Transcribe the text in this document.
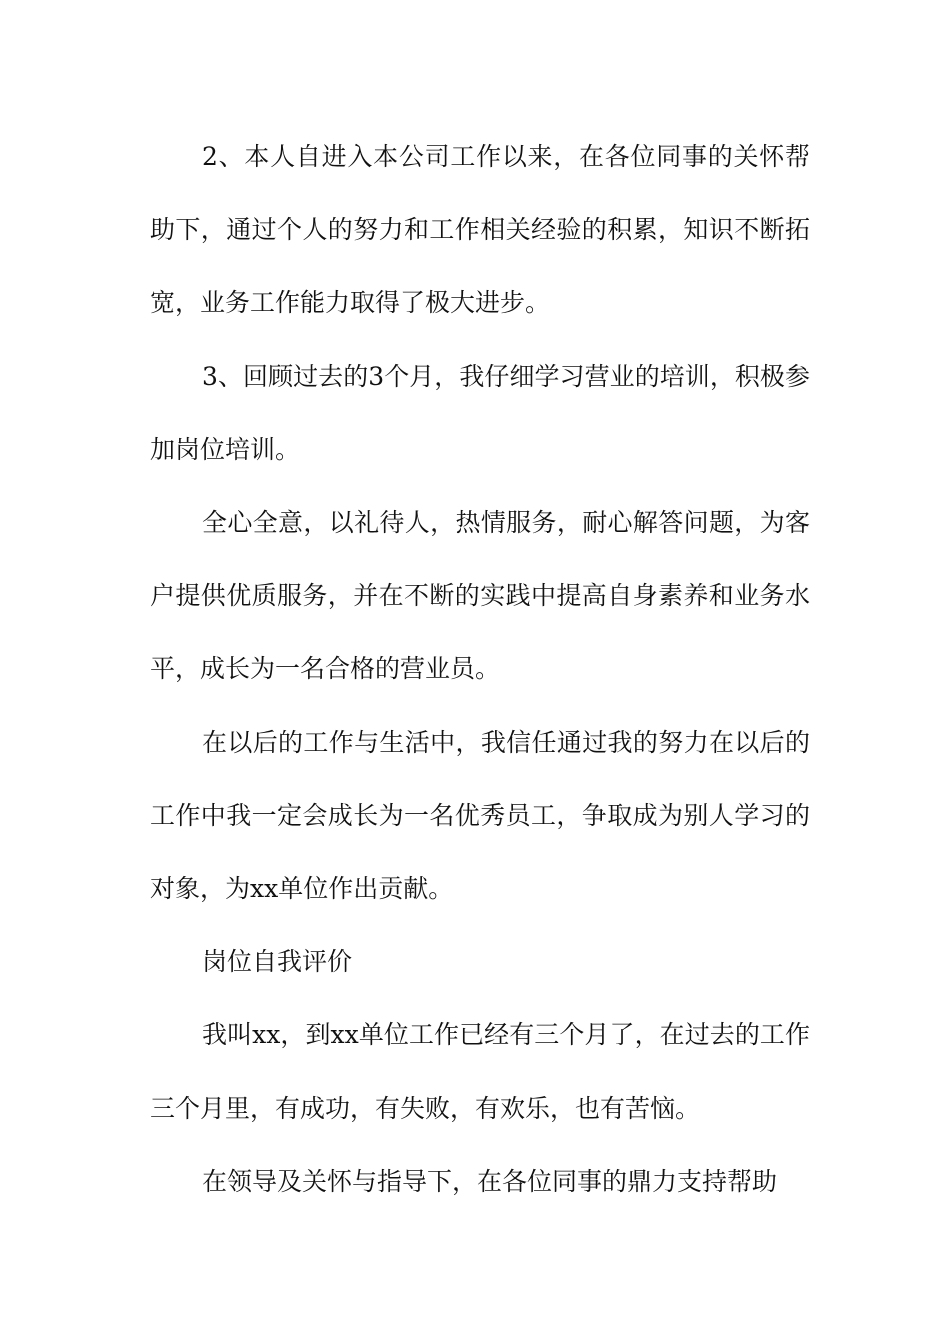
2、本人自进入本公司工作以来，在各位同事的关怀帮助下，通过个人的努力和工作相关经验的积累，知识不断拓宽，业务工作能力取得了极大进步。

3、回顾过去的3个月，我仔细学习营业的培训，积极参加岗位培训。

全心全意，以礼待人，热情服务，耐心解答问题，为客户提供优质服务，并在不断的实践中提高自身素养和业务水平，成长为一名合格的营业员。

在以后的工作与生活中，我信任通过我的努力在以后的工作中我一定会成长为一名优秀员工，争取成为别人学习的对象，为xx单位作出贡献。

岗位自我评价

我叫xx，到xx单位工作已经有三个月了，在过去的工作三个月里，有成功，有失败，有欢乐，也有苦恼。

在领导及关怀与指导下，在各位同事的鼎力支持帮助
